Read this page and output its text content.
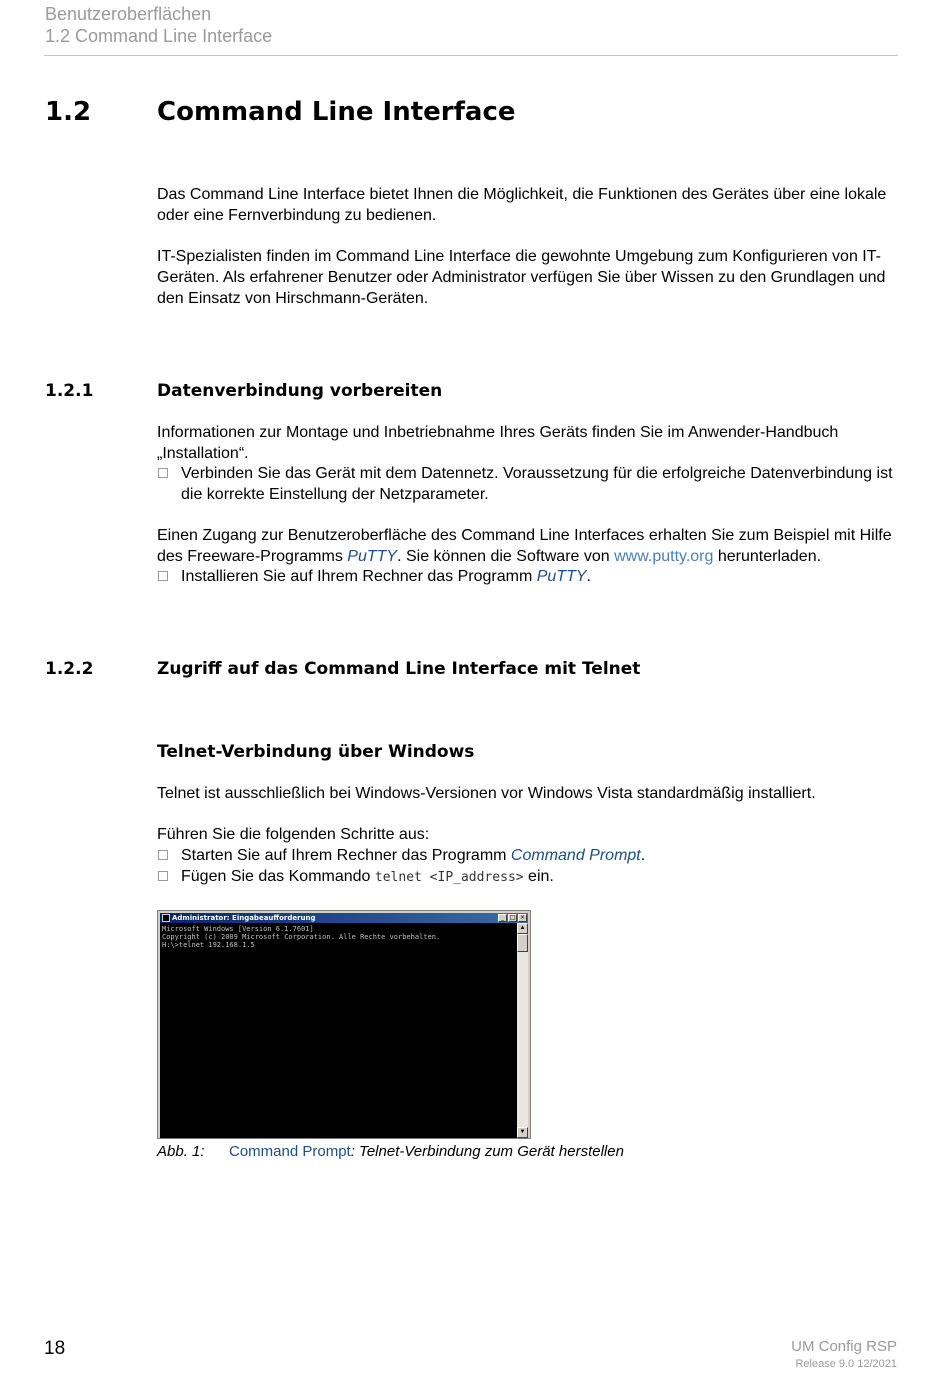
Benutzeroberflächen
1.2 Command Line Interface
1.2	Command Line Interface
Das Command Line Interface bietet Ihnen die Möglichkeit, die Funktionen des Gerätes über eine lokale oder eine Fernverbindung zu bedienen.
IT-Spezialisten finden im Command Line Interface die gewohnte Umgebung zum Konfigurieren von IT-Geräten. Als erfahrener Benutzer oder Administrator verfügen Sie über Wissen zu den Grundlagen und den Einsatz von Hirschmann-Geräten.
1.2.1	Datenverbindung vorbereiten
Informationen zur Montage und Inbetriebnahme Ihres Geräts finden Sie im Anwender-Handbuch „Installation“.
Verbinden Sie das Gerät mit dem Datennetz. Voraussetzung für die erfolgreiche Datenverbindung ist die korrekte Einstellung der Netzparameter.
Einen Zugang zur Benutzeroberfläche des Command Line Interfaces erhalten Sie zum Beispiel mit Hilfe des Freeware-Programms PuTTY. Sie können die Software von www.putty.org herunterladen.
Installieren Sie auf Ihrem Rechner das Programm PuTTY.
1.2.2	Zugriff auf das Command Line Interface mit Telnet
Telnet-Verbindung über Windows
Telnet ist ausschließlich bei Windows-Versionen vor Windows Vista standardmäßig installiert.
Führen Sie die folgenden Schritte aus:
Starten Sie auf Ihrem Rechner das Programm Command Prompt.
Fügen Sie das Kommando telnet <IP_address> ein.
Administrator: Eingabeaufforderung	_ □ ×
Microsoft Windows [Version 6.1.7601]
Copyright (c) 2009 Microsoft Corporation. Alle Rechte vorbehalten.
H:\>telnet 192.168.1.5
▲
▼
Abb. 1: Command Prompt: Telnet-Verbindung zum Gerät herstellen
18	UM Config RSP
Release 9.0 12/2021
